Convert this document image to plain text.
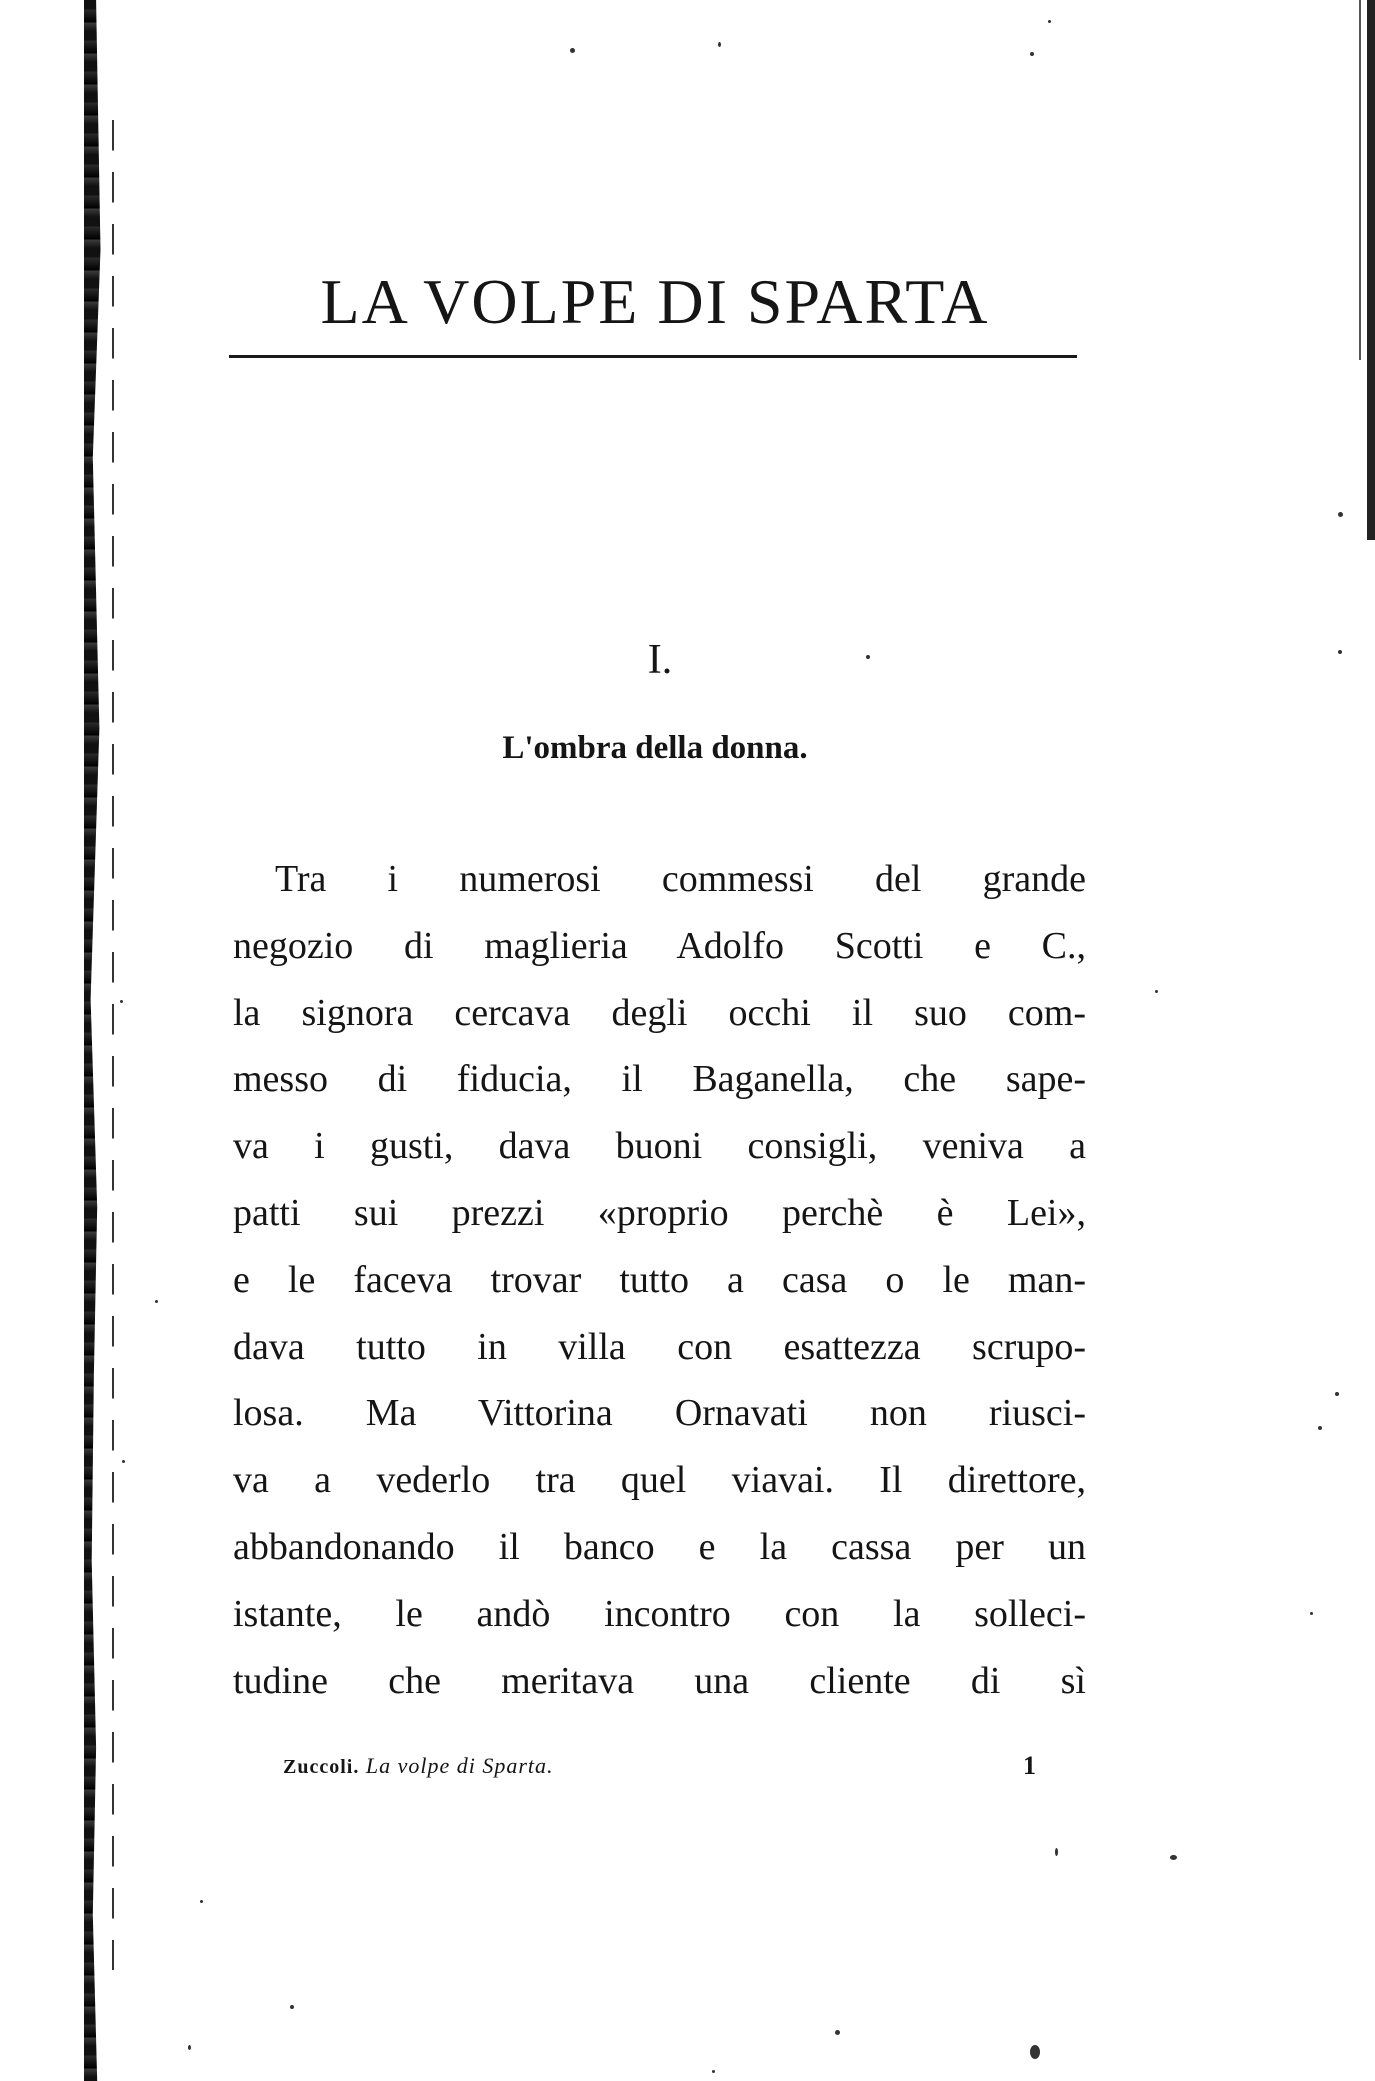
LA VOLPE DI SPARTA
I.
L'ombra della donna.
Tra i numerosi commessi del grande
negozio di maglieria Adolfo Scotti e C.,
la signora cercava degli occhi il suo com-
messo di fiducia, il Baganella, che sape-
va i gusti, dava buoni consigli, veniva a
patti sui prezzi «proprio perchè è Lei»,
e le faceva trovar tutto a casa o le man-
dava tutto in villa con esattezza scrupo-
losa. Ma Vittorina Ornavati non riusci-
va a vederlo tra quel viavai. Il direttore,
abbandonando il banco e la cassa per un
istante, le andò incontro con la solleci-
tudine che meritava una cliente di sì
Zuccoli. La volpe di Sparta.	1
